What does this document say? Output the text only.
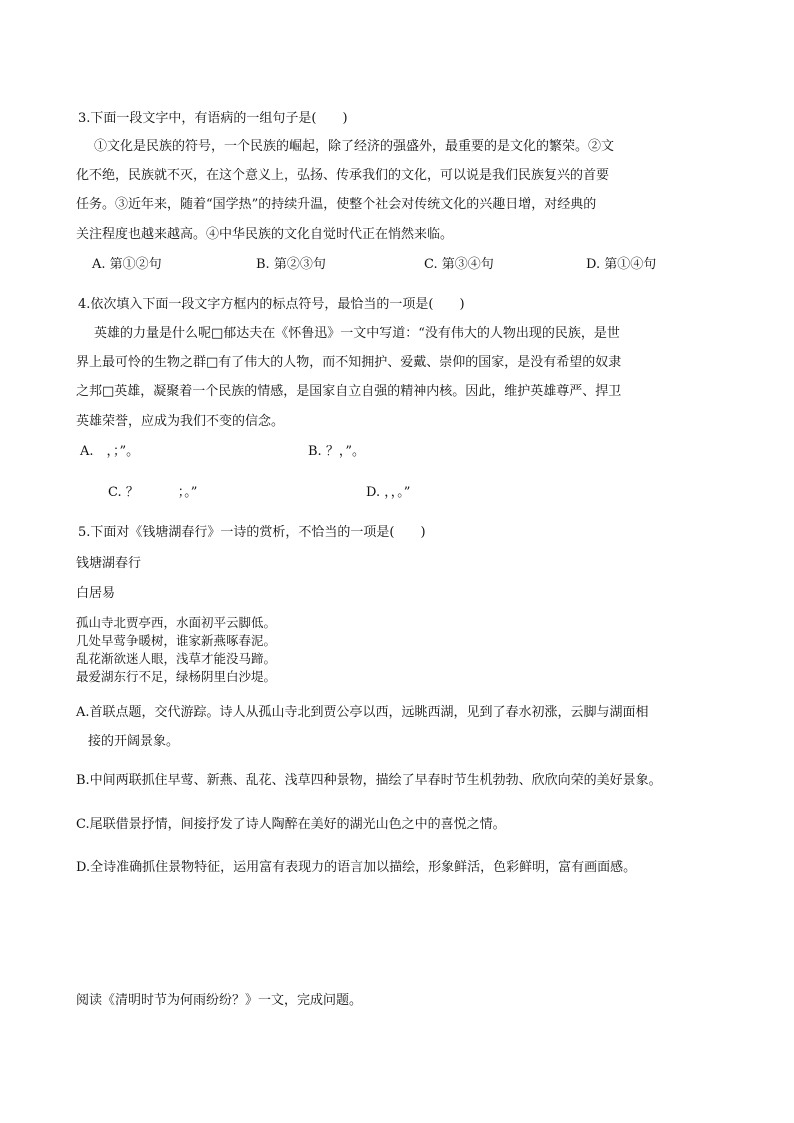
3.下面一段文字中，有语病的一组句子是(　　)
①文化是民族的符号，一个民族的崛起，除了经济的强盛外，最重要的是文化的繁荣。②文
化不绝，民族就不灭，在这个意义上，弘扬、传承我们的文化，可以说是我们民族复兴的首要
任务。③近年来，随着“国学热”的持续升温，使整个社会对传统文化的兴趣日增，对经典的
关注程度也越来越高。④中华民族的文化自觉时代正在悄然来临。
A. 第①②句	B. 第②③句	C. 第③④句	D. 第①④句
4.依次填入下面一段文字方框内的标点符号，最恰当的一项是(　　)
英雄的力量是什么呢□郁达夫在《怀鲁迅》一文中写道：“没有伟大的人物出现的民族，是世
界上最可怜的生物之群□有了伟大的人物，而不知拥护、爱戴、崇仰的国家，是没有希望的奴隶
之邦□英雄，凝聚着一个民族的情感，是国家自立自强的精神内核。因此，维护英雄尊严、捍卫
英雄荣誉，应成为我们不变的信念。
A.　，；”。	B. ？，”。
C. ？　　　；。”	D. ，，。”
5.下面对《钱塘湖春行》一诗的赏析，不恰当的一项是(　　)
钱塘湖春行
白居易
孤山寺北贾亭西，水面初平云脚低。
几处早莺争暖树，谁家新燕啄春泥。
乱花渐欲迷人眼，浅草才能没马蹄。
最爱湖东行不足，绿杨阴里白沙堤。
A.首联点题，交代游踪。诗人从孤山寺北到贾公亭以西，远眺西湖，见到了春水初涨，云脚与湖面相
接的开阔景象。
B.中间两联抓住早莺、新燕、乱花、浅草四种景物，描绘了早春时节生机勃勃、欣欣向荣的美好景象。
C.尾联借景抒情，间接抒发了诗人陶醉在美好的湖光山色之中的喜悦之情。
D.全诗准确抓住景物特征，运用富有表现力的语言加以描绘，形象鲜活，色彩鲜明，富有画面感。
阅读《清明时节为何雨纷纷？》一文，完成问题。
